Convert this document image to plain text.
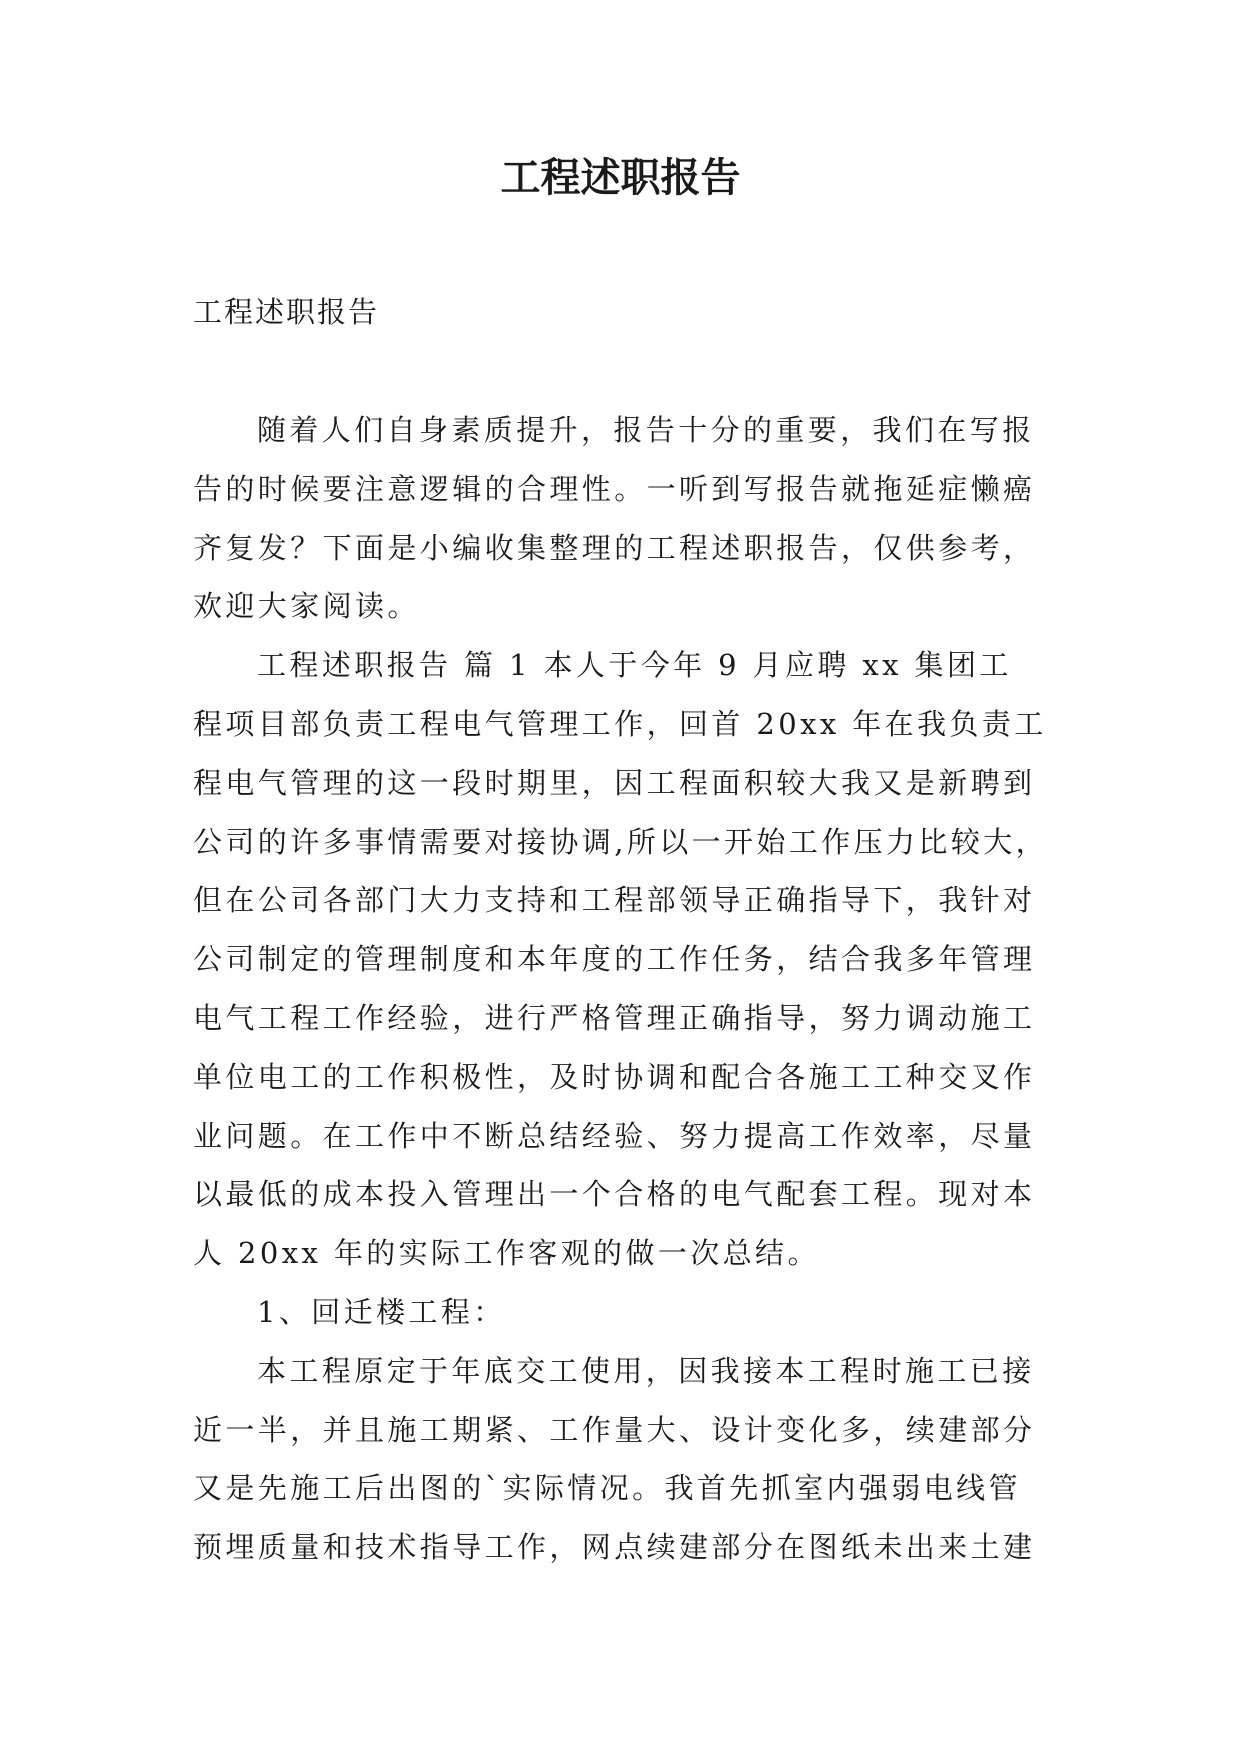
工程述职报告

工程述职报告

随着人们自身素质提升，报告十分的重要，我们在写报
告的时候要注意逻辑的合理性。一听到写报告就拖延症懒癌
齐复发？下面是小编收集整理的工程述职报告，仅供参考，
欢迎大家阅读。
工程述职报告 篇 1 本人于今年 9 月应聘 xx 集团工
程项目部负责工程电气管理工作，回首 20xx 年在我负责工
程电气管理的这一段时期里，因工程面积较大我又是新聘到
公司的许多事情需要对接协调,所以一开始工作压力比较大，
但在公司各部门大力支持和工程部领导正确指导下，我针对
公司制定的管理制度和本年度的工作任务，结合我多年管理
电气工程工作经验，进行严格管理正确指导，努力调动施工
单位电工的工作积极性，及时协调和配合各施工工种交叉作
业问题。在工作中不断总结经验、努力提高工作效率，尽量
以最低的成本投入管理出一个合格的电气配套工程。现对本
人 20xx 年的实际工作客观的做一次总结。
1、回迁楼工程：
本工程原定于年底交工使用，因我接本工程时施工已接
近一半，并且施工期紧、工作量大、设计变化多，续建部分
又是先施工后出图的`实际情况。我首先抓室内强弱电线管
预埋质量和技术指导工作，网点续建部分在图纸未出来土建
